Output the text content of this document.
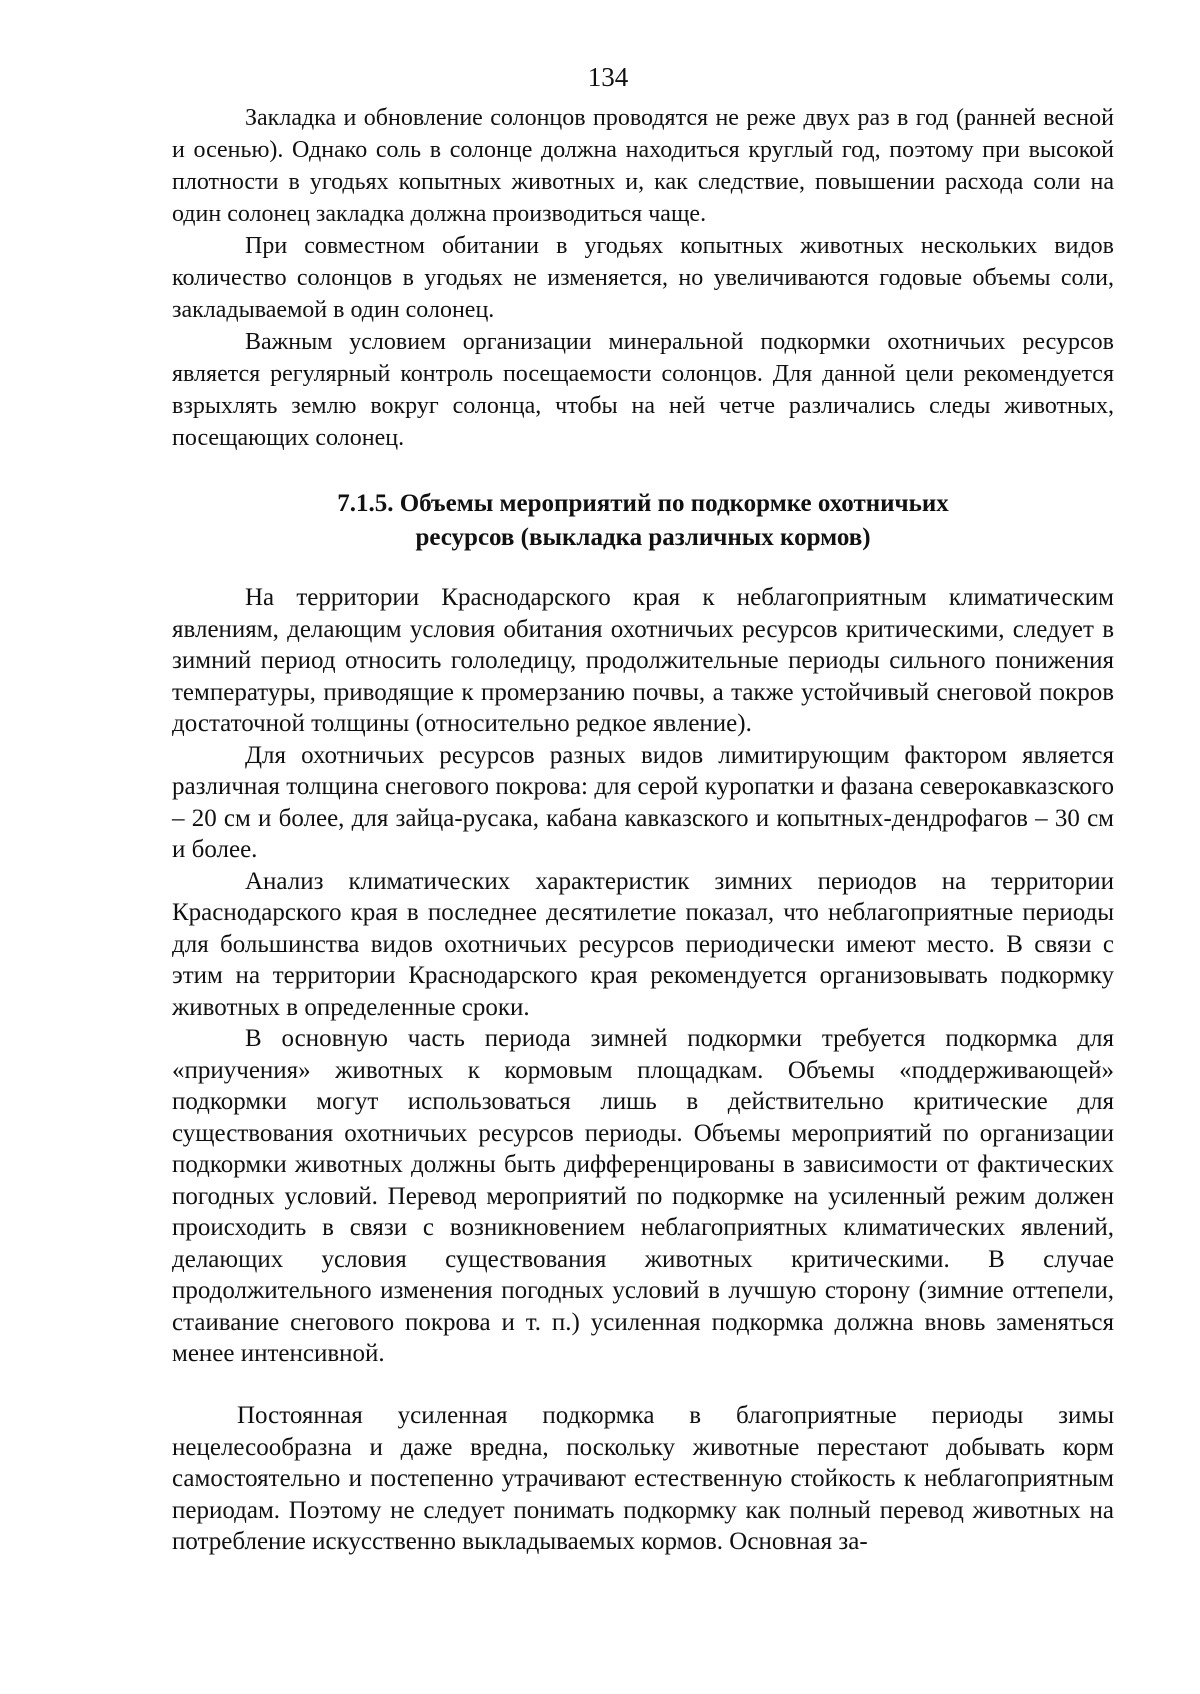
134

Закладка и обновление солонцов проводятся не реже двух раз в год (ранней весной и осенью). Однако соль в солонце должна находиться круглый год, поэтому при высокой плотности в угодьях копытных животных и, как следствие, повышении расхода соли на один солонец закладка должна производиться чаще.

При совместном обитании в угодьях копытных животных нескольких видов количество солонцов в угодьях не изменяется, но увеличиваются годовые объемы соли, закладываемой в один солонец.

Важным условием организации минеральной подкормки охотничьих ресурсов является регулярный контроль посещаемости солонцов. Для данной цели рекомендуется взрыхлять землю вокруг солонца, чтобы на ней четче различались следы животных, посещающих солонец.

7.1.5. Объемы мероприятий по подкормке охотничьих
ресурсов (выкладка различных кормов)

На территории Краснодарского края к неблагоприятным климатическим явлениям, делающим условия обитания охотничьих ресурсов критическими, следует в зимний период относить гололедицу, продолжительные периоды сильного понижения температуры, приводящие к промерзанию почвы, а также устойчивый снеговой покров достаточной толщины (относительно редкое явление).

Для охотничьих ресурсов разных видов лимитирующим фактором является различная толщина снегового покрова: для серой куропатки и фазана северокавказского – 20 см и более, для зайца-русака, кабана кавказского и копытных-дендрофагов – 30 см и более.

Анализ климатических характеристик зимних периодов на территории Краснодарского края в последнее десятилетие показал, что неблагоприятные периоды для большинства видов охотничьих ресурсов периодически имеют место. В связи с этим на территории Краснодарского края рекомендуется организовывать подкормку животных в определенные сроки.

В основную часть периода зимней подкормки требуется подкормка для «приучения» животных к кормовым площадкам. Объемы «поддерживающей» подкормки могут использоваться лишь в действительно критические для существования охотничьих ресурсов периоды. Объемы мероприятий по организации подкормки животных должны быть дифференцированы в зависимости от фактических погодных условий. Перевод мероприятий по подкормке на усиленный режим должен происходить в связи с возникновением неблагоприятных климатических явлений, делающих условия существования животных критическими. В случае продолжительного изменения погодных условий в лучшую сторону (зимние оттепели, стаивание снегового покрова и т. п.) усиленная подкормка должна вновь заменяться менее интенсивной.

Постоянная усиленная подкормка в благоприятные периоды зимы нецелесообразна и даже вредна, поскольку животные перестают добывать корм самостоятельно и постепенно утрачивают естественную стойкость к неблагоприятным периодам. Поэтому не следует понимать подкормку как полный перевод животных на потребление искусственно выкладываемых кормов. Основная за-
